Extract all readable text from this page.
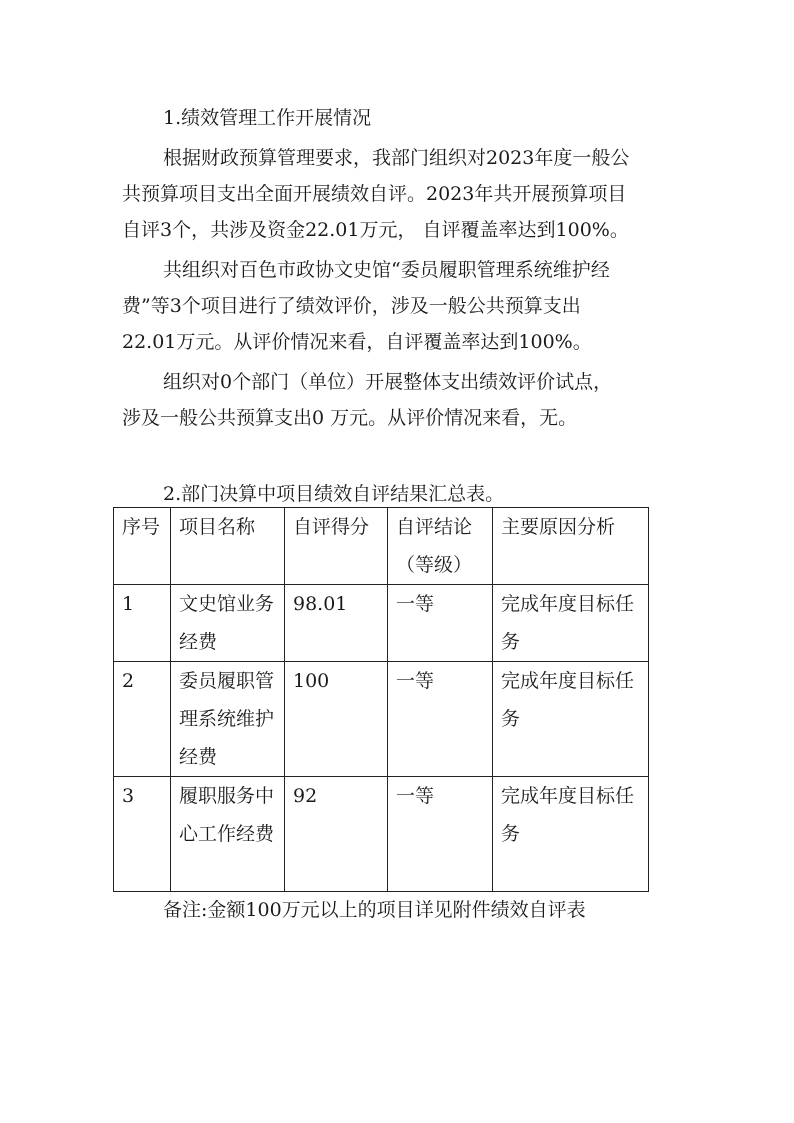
1.绩效管理工作开展情况

根据财政预算管理要求，我部门组织对2023年度一般公
共预算项目支出全面开展绩效自评。2023年共开展预算项目
自评3个，共涉及资金22.01万元， 自评覆盖率达到100%。

共组织对百色市政协文史馆“委员履职管理系统维护经
费”等3个项目进行了绩效评价，涉及一般公共预算支出
22.01万元。从评价情况来看，自评覆盖率达到100%。

组织对0个部门（单位）开展整体支出绩效评价试点，
涉及一般公共预算支出0 万元。从评价情况来看，无。

2.部门决算中项目绩效自评结果汇总表。
序号	项目名称	自评得分	自评结论（等级）	主要原因分析
1	文史馆业务经费	98.01	一等	完成年度目标任务
2	委员履职管理系统维护经费	100	一等	完成年度目标任务
3	履职服务中心工作经费	92	一等	完成年度目标任务

备注:金额100万元以上的项目详见附件绩效自评表
